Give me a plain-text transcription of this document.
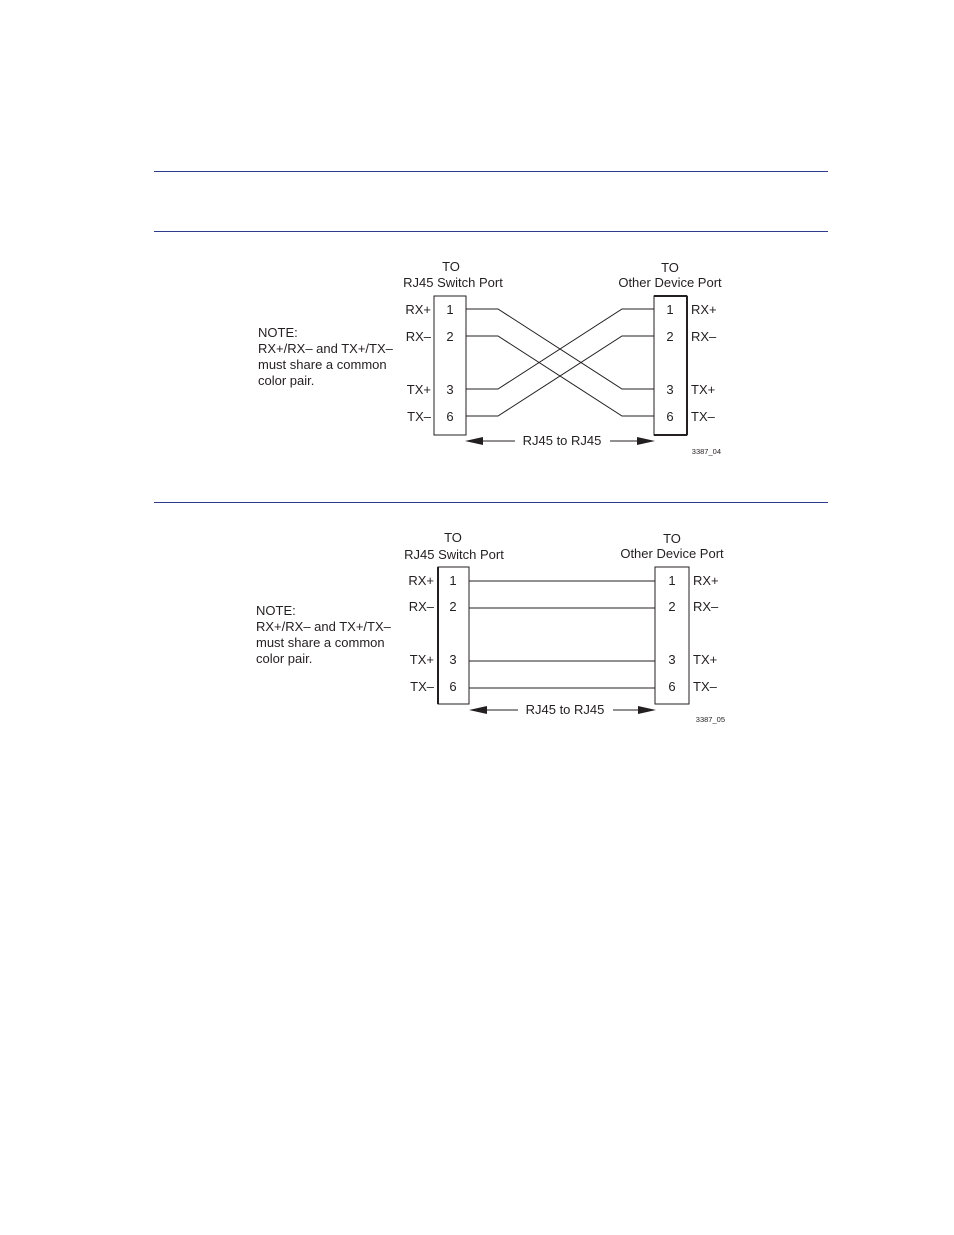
TO
RJ45 Switch Port
TO
Other Device Port
RX+
RX–
TX+
TX–
1
2
3
6
1
2
3
6
RX+
RX–
TX+
TX–
NOTE:
RX+/RX– and TX+/TX–
must share a common
color pair.
RJ45 to RJ45
3387_04
TO
RJ45 Switch Port
TO
Other Device Port
RX+
RX–
TX+
TX–
1
2
3
6
1
2
3
6
RX+
RX–
TX+
TX–
NOTE:
RX+/RX– and TX+/TX–
must share a common
color pair.
RJ45 to RJ45
3387_05
